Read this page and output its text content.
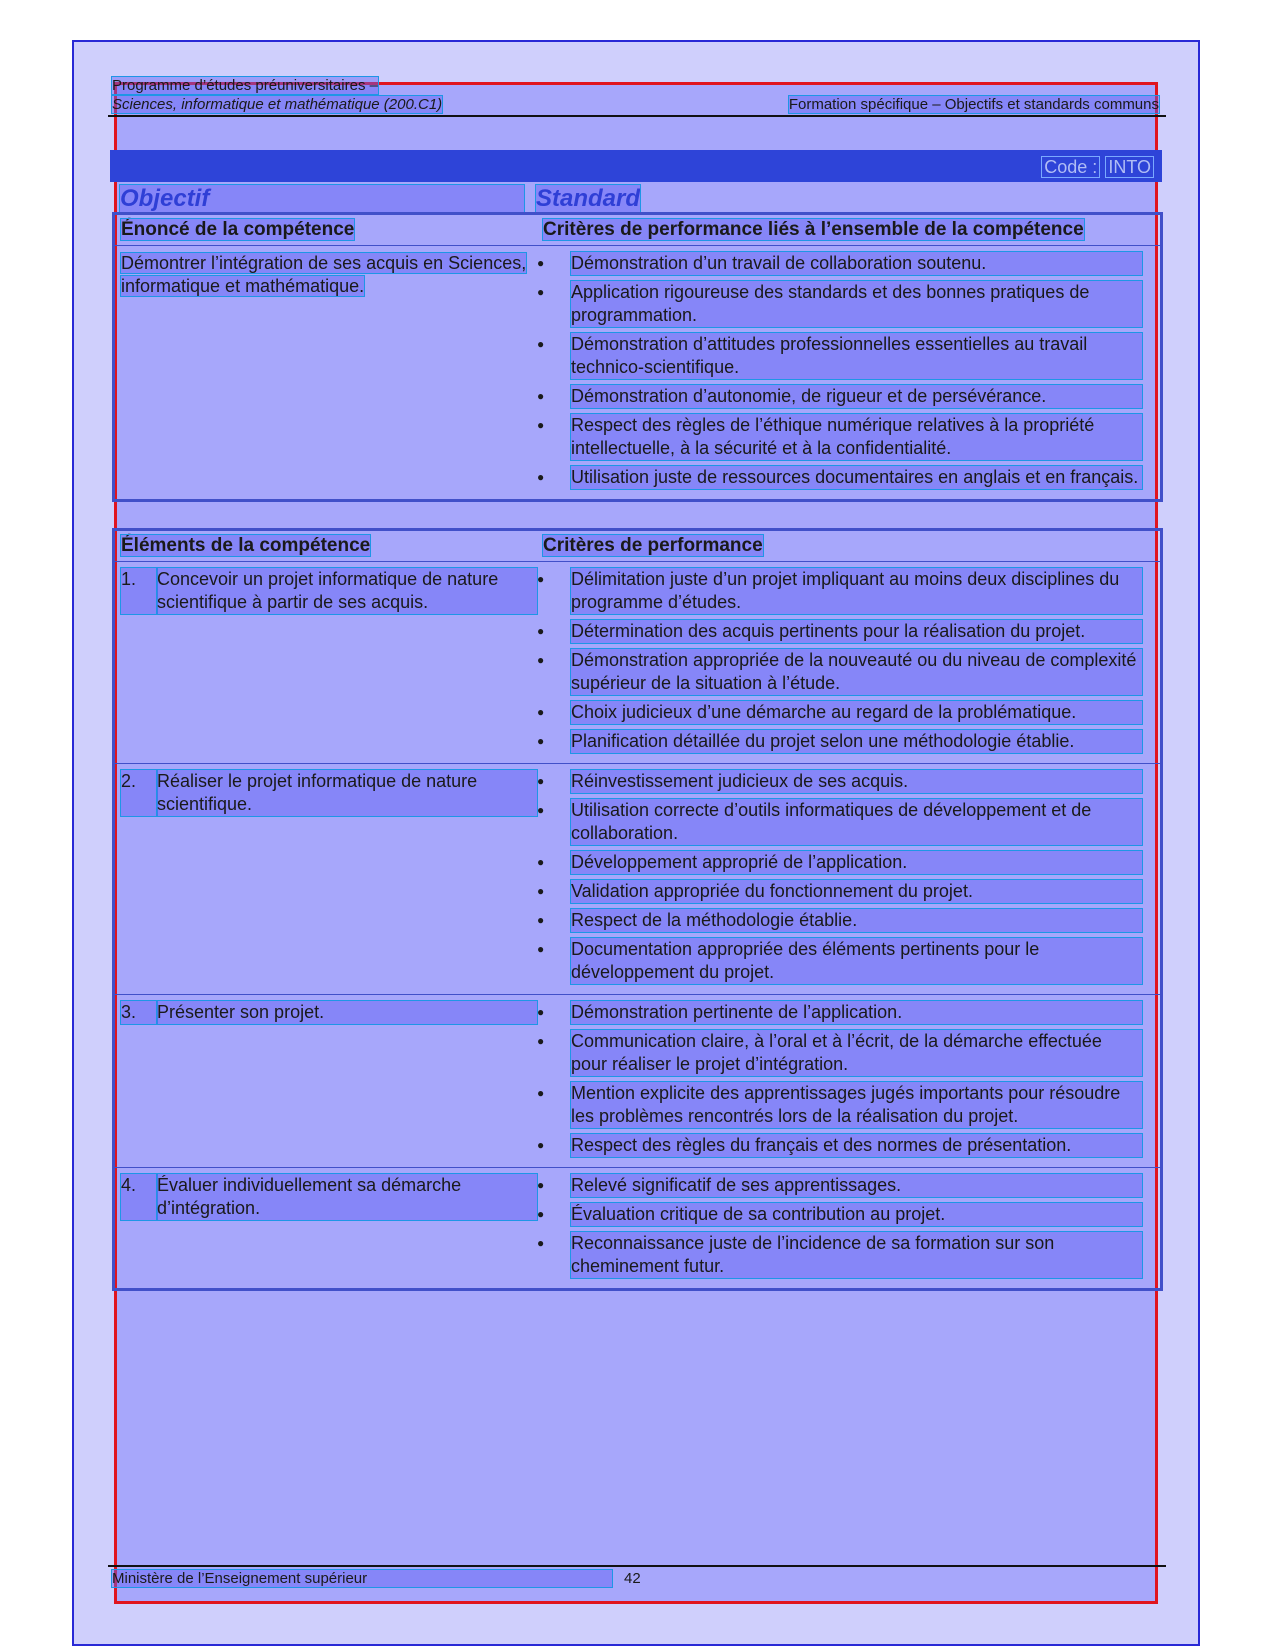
Programme d’études préuniversitaires –
Sciences, informatique et mathématique (200.C1)	Formation spécifique – Objectifs et standards communs
Code : INTO
Objectif	Standard
Énoncé de la compétence	Critères de performance liés à l’ensemble de la compétence
Démontrer l’intégration de ses acquis en Sciences, informatique et mathématique.
●	Démonstration d’un travail de collaboration soutenu.
●	Application rigoureuse des standards et des bonnes pratiques de programmation.
●	Démonstration d’attitudes professionnelles essentielles au travail technico-scientifique.
●	Démonstration d’autonomie, de rigueur et de persévérance.
●	Respect des règles de l’éthique numérique relatives à la propriété intellectuelle, à la sécurité et à la confidentialité.
●	Utilisation juste de ressources documentaires en anglais et en français.
Éléments de la compétence	Critères de performance
1.	Concevoir un projet informatique de nature scientifique à partir de ses acquis.
●	Délimitation juste d’un projet impliquant au moins deux disciplines du programme d’études.
●	Détermination des acquis pertinents pour la réalisation du projet.
●	Démonstration appropriée de la nouveauté ou du niveau de complexité supérieur de la situation à l’étude.
●	Choix judicieux d’une démarche au regard de la problématique.
●	Planification détaillée du projet selon une méthodologie établie.
2.	Réaliser le projet informatique de nature scientifique.
●	Réinvestissement judicieux de ses acquis.
●	Utilisation correcte d’outils informatiques de développement et de collaboration.
●	Développement approprié de l’application.
●	Validation appropriée du fonctionnement du projet.
●	Respect de la méthodologie établie.
●	Documentation appropriée des éléments pertinents pour le développement du projet.
3.	Présenter son projet.	●	Démonstration pertinente de l’application.
●	Communication claire, à l’oral et à l’écrit, de la démarche effectuée pour réaliser le projet d’intégration.
●	Mention explicite des apprentissages jugés importants pour résoudre les problèmes rencontrés lors de la réalisation du projet.
●	Respect des règles du français et des normes de présentation.
4.	Évaluer individuellement sa démarche d’intégration.
●	Relevé significatif de ses apprentissages.
●	Évaluation critique de sa contribution au projet.
●	Reconnaissance juste de l’incidence de sa formation sur son cheminement futur.
Ministère de l’Enseignement supérieur	42
